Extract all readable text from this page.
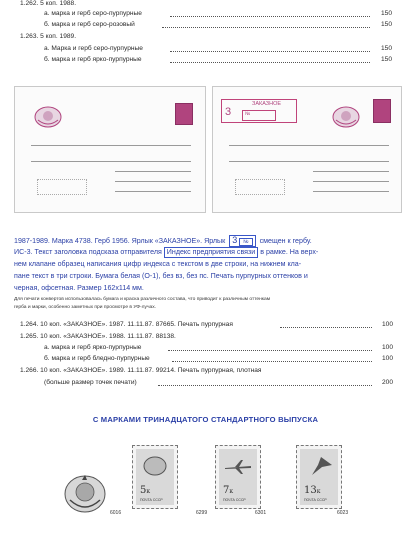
1.262. 5 коп. 1988.
а. марка и герб серо-пурпурные	150
б. марка и герб серо-розовый	150
1.263. 5 коп. 1989.
а. Марка и герб серо-пурпурные	150
б. марка и герб ярко-пурпурные	150
ЗАКАЗНОЕ
3	№
1987-1989. Марка 4738. Герб 1956. Ярлык «ЗАКАЗНОЕ». Ярлык 3 № смещен к гербу.
ИС-3. Текст заголовка подсказа отправителя Индекс предприятия связи в рамке. На верх-
нем клапане образец написания цифр индекса с текстом в две строки, на нижнем кла-
пане текст в три строки. Бумага белая (О-1), без вз, без пс. Печать пурпурных оттенков и
черная, офсетная. Размер 162х114 мм.
Для печати конвертов использовалась бумага и краска различного состава, что приводит к различным оттенкам
герба и марки, особенно заметных при просмотре в УФ-лучах.
1.264. 10 коп. «ЗАКАЗНОЕ». 1987. 11.11.87. 87665. Печать пурпурная	100
1.265. 10 коп. «ЗАКАЗНОЕ». 1988. 11.11.87. 88138.
а. марка и герб ярко-пурпурные	100
б. марка и герб бледно-пурпурные	100
1.266. 10 коп. «ЗАКАЗНОЕ». 1989. 11.11.87. 99214. Печать пурпурная, плотная
(больше размер точек печати)	200
С МАРКАМИ ТРИНАДЦАТОГО СТАНДАРТНОГО ВЫПУСКА
6016
5к
ПОЧТА СССР
7к
ПОЧТА СССР
6299	6301
13к
ПОЧТА СССР
6023
